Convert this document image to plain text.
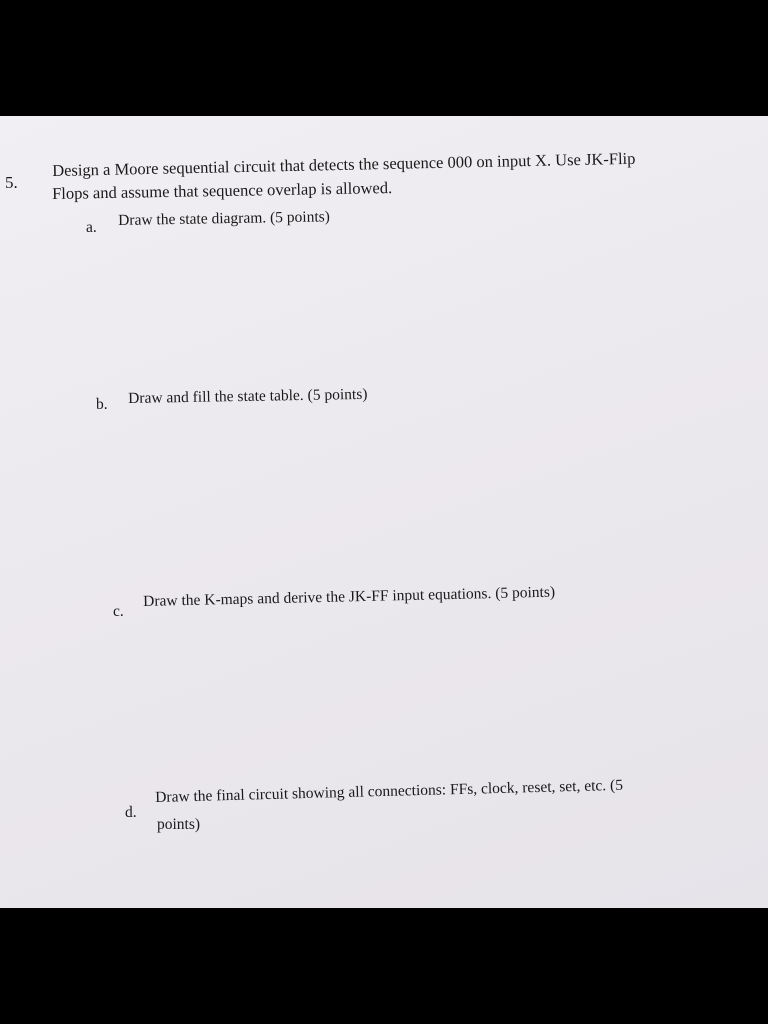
5.
Design a Moore sequential circuit that detects the sequence 000 on input X. Use JK-Flip
Flops and assume that sequence overlap is allowed.
a. Draw the state diagram. (5 points)
b. Draw and fill the state table. (5 points)
c.
Draw the K-maps and derive the JK-FF input equations. (5 points)
d.
Draw the final circuit showing all connections: FFs, clock, reset, set, etc. (5
points)
